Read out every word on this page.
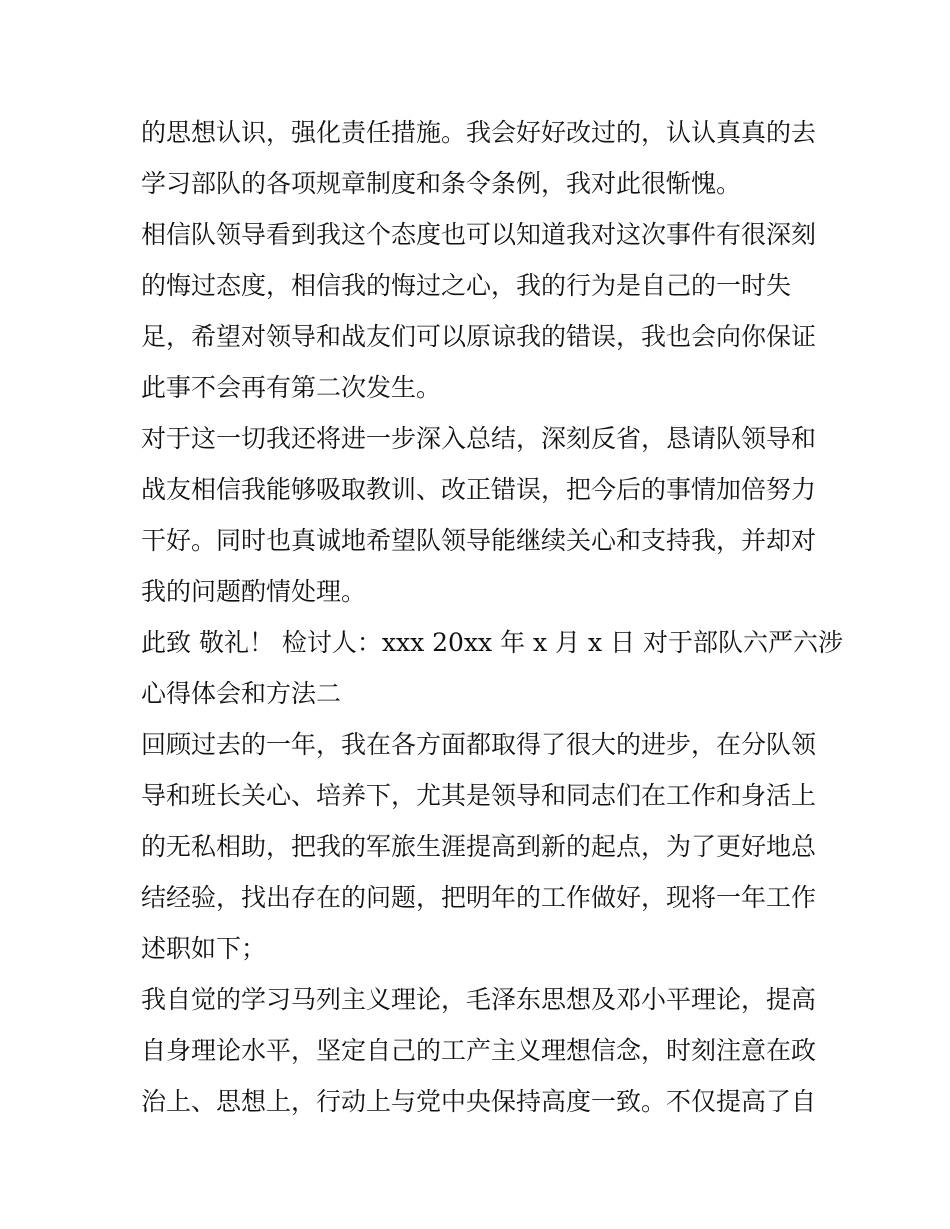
的思想认识，强化责任措施。我会好好改过的，认认真真的去
学习部队的各项规章制度和条令条例，我对此很惭愧。
相信队领导看到我这个态度也可以知道我对这次事件有很深刻
的悔过态度，相信我的悔过之心，我的行为是自己的一时失
足，希望对领导和战友们可以原谅我的错误，我也会向你保证
此事不会再有第二次发生。
对于这一切我还将进一步深入总结，深刻反省，恳请队领导和
战友相信我能够吸取教训、改正错误，把今后的事情加倍努力
干好。同时也真诚地希望队领导能继续关心和支持我，并却对
我的问题酌情处理。
此致 敬礼！ 检讨人：xxx 20xx 年 x 月 x 日 对于部队六严六涉
心得体会和方法二
回顾过去的一年，我在各方面都取得了很大的进步，在分队领
导和班长关心、培养下，尤其是领导和同志们在工作和身活上
的无私相助，把我的军旅生涯提高到新的起点，为了更好地总
结经验，找出存在的问题，把明年的工作做好，现将一年工作
述职如下；
我自觉的学习马列主义理论，毛泽东思想及邓小平理论，提高
自身理论水平，坚定自己的工产主义理想信念，时刻注意在政
治上、思想上，行动上与党中央保持高度一致。不仅提高了自
